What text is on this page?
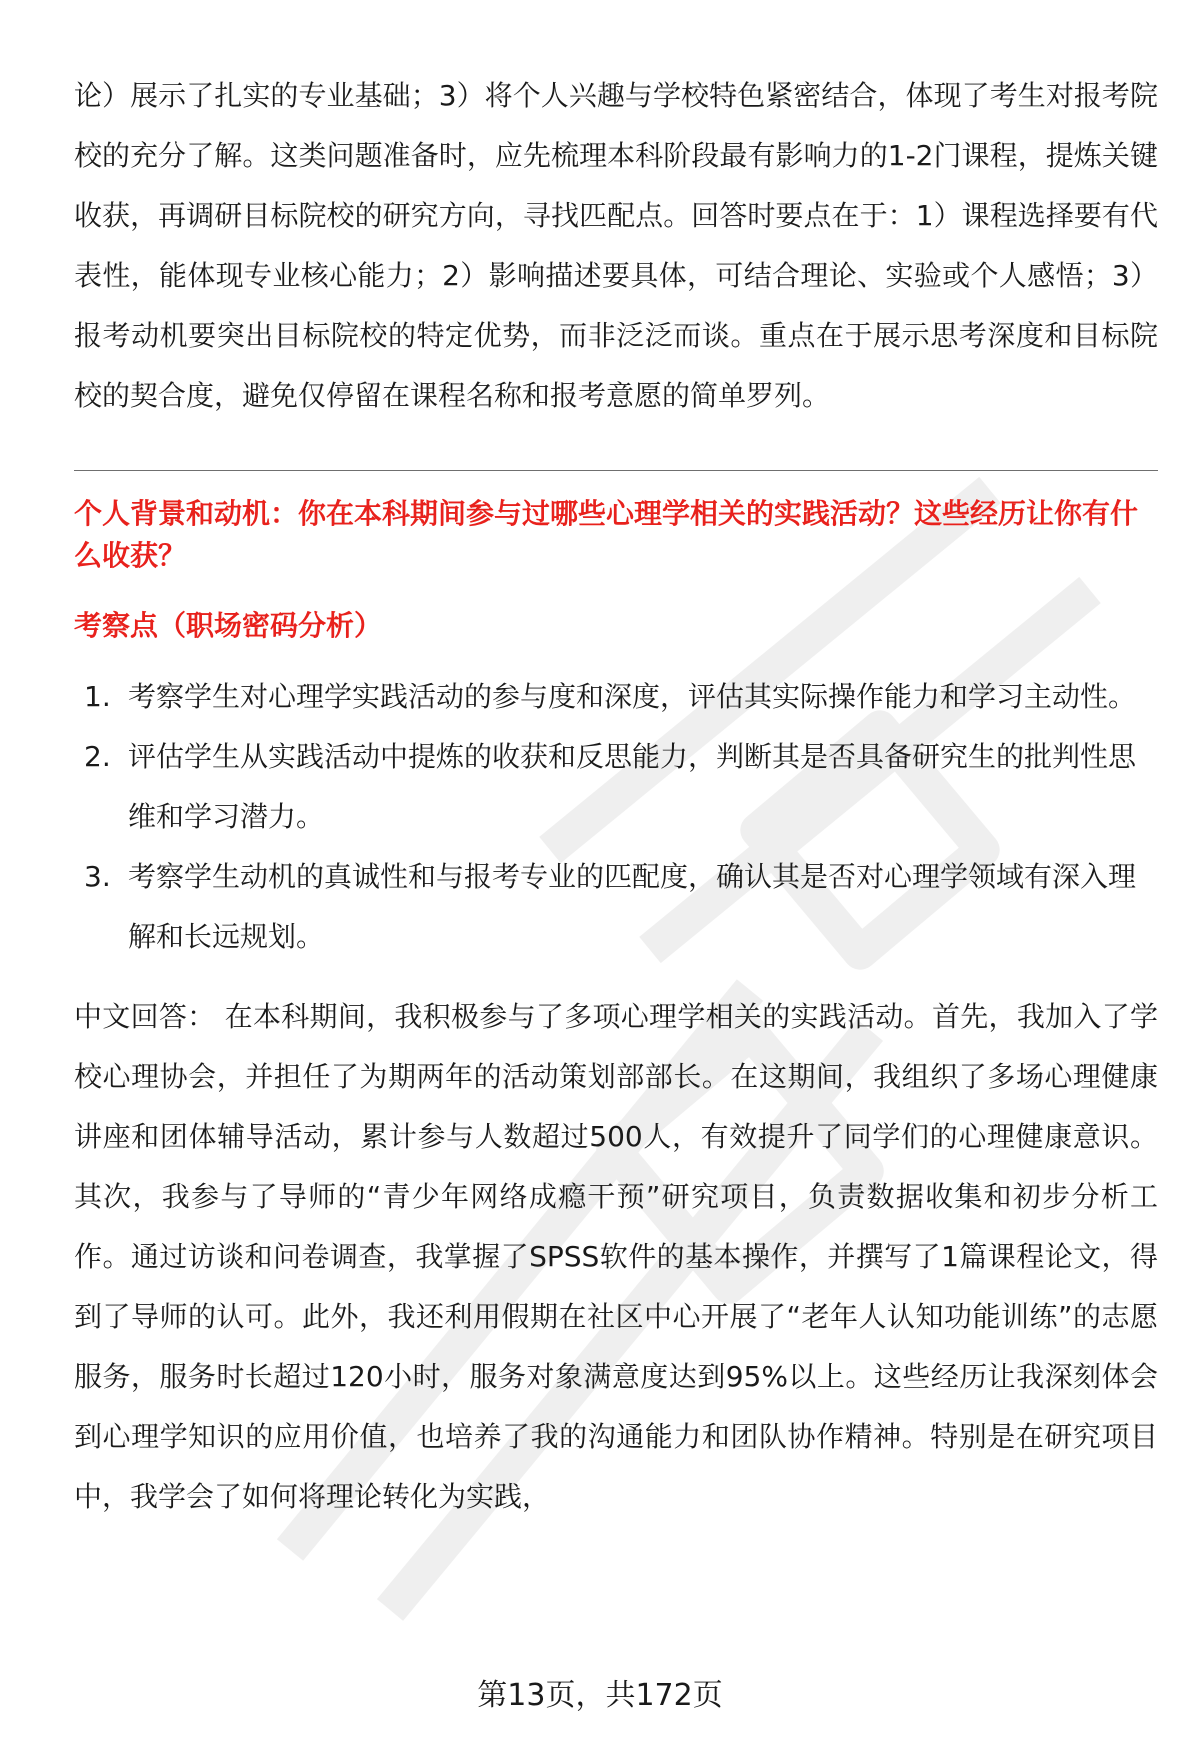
论）展示了扎实的专业基础；3）将个人兴趣与学校特色紧密结合，体现了考生对报考院校的充分了解。这类问题准备时，应先梳理本科阶段最有影响力的1-2门课程，提炼关键收获，再调研目标院校的研究方向，寻找匹配点。回答时要点在于：1）课程选择要有代表性，能体现专业核心能力；2）影响描述要具体，可结合理论、实验或个人感悟；3）报考动机要突出目标院校的特定优势，而非泛泛而谈。重点在于展示思考深度和目标院校的契合度，避免仅停留在课程名称和报考意愿的简单罗列。

个人背景和动机：你在本科期间参与过哪些心理学相关的实践活动？这些经历让你有什么收获？
考察点（职场密码分析）
1. 考察学生对心理学实践活动的参与度和深度，评估其实际操作能力和学习主动性。
2. 评估学生从实践活动中提炼的收获和反思能力，判断其是否具备研究生的批判性思维和学习潜力。
3. 考察学生动机的真诚性和与报考专业的匹配度，确认其是否对心理学领域有深入理解和长远规划。

中文回答： 在本科期间，我积极参与了多项心理学相关的实践活动。首先，我加入了学校心理协会，并担任了为期两年的活动策划部部长。在这期间，我组织了多场心理健康讲座和团体辅导活动，累计参与人数超过500人，有效提升了同学们的心理健康意识。其次，我参与了导师的“青少年网络成瘾干预”研究项目，负责数据收集和初步分析工作。通过访谈和问卷调查，我掌握了SPSS软件的基本操作，并撰写了1篇课程论文，得到了导师的认可。此外，我还利用假期在社区中心开展了“老年人认知功能训练”的志愿服务，服务时长超过120小时，服务对象满意度达到95%以上。这些经历让我深刻体会到心理学知识的应用价值，也培养了我的沟通能力和团队协作精神。特别是在研究项目中，我学会了如何将理论转化为实践，

第13页，共172页
